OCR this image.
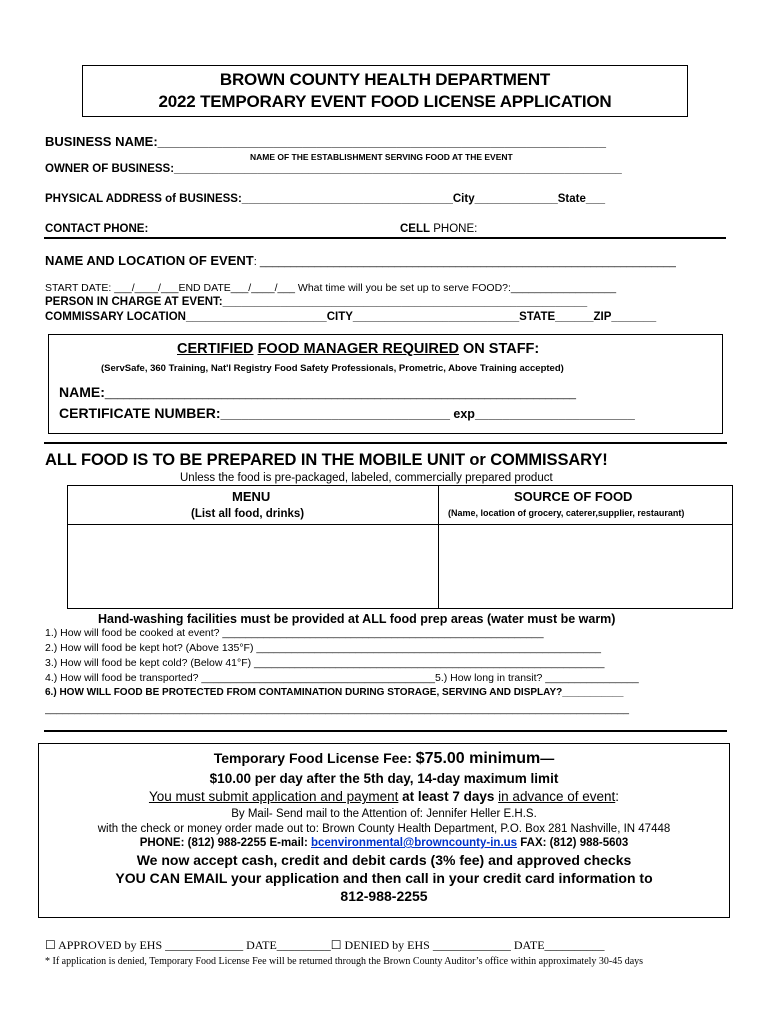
BROWN COUNTY HEALTH DEPARTMENT
2022 TEMPORARY EVENT FOOD LICENSE APPLICATION
BUSINESS NAME:______________________________________________________________
NAME OF THE ESTABLISHMENT SERVING FOOD AT THE EVENT
OWNER OF BUSINESS:______________________________________________________________________
PHYSICAL ADDRESS of BUSINESS:_________________________________City_____________State___
CONTACT PHONE:	CELL PHONE:
NAME AND LOCATION OF EVENT: ____________________________________________________________________
START DATE: ___/____/___END DATE___/____/___ What time will you be set up to serve FOOD?:__________________
PERSON IN CHARGE AT EVENT:_________________________________________________________
COMMISSARY LOCATION______________________CITY__________________________STATE______ZIP_______
CERTIFIED FOOD MANAGER REQUIRED ON STAFF:
(ServSafe, 360 Training, Nat'l Registry Food Safety Professionals, Prometric, Above Training accepted)
NAME:_____________________________________________________________________________
CERTIFICATE NUMBER:_________________________________ exp_______________________
ALL FOOD IS TO BE PREPARED IN THE MOBILE UNIT or COMMISSARY!
Unless the food is pre-packaged, labeled, commercially prepared product
MENU
(List all food, drinks)
SOURCE OF FOOD
(Name, location of grocery, caterer,supplier, restaurant)
Hand-washing facilities must be provided at ALL food prep areas (water must be warm)
1.) How will food be cooked at event? _______________________________________________________
2.) How will food be kept hot? (Above 135°F) ___________________________________________________________
3.) How will food be kept cold? (Below 41°F) ____________________________________________________________
4.) How will food be transported? ________________________________________5.) How long in transit? ________________
6.) HOW WILL FOOD BE PROTECTED FROM CONTAMINATION DURING STORAGE, SERVING AND DISPLAY?___________
____________________________________________________________________________________________________
Temporary Food License Fee: $75.00 minimum—
$10.00 per day after the 5th day, 14-day maximum limit
You must submit application and payment at least 7 days in advance of event:
By Mail- Send mail to the Attention of: Jennifer Heller E.H.S.
with the check or money order made out to: Brown County Health Department, P.O. Box 281 Nashville, IN 47448
PHONE: (812) 988-2255 E-mail: bcenvironmental@browncounty-in.us FAX: (812) 988-5603
We now accept cash, credit and debit cards (3% fee) and approved checks
YOU CAN EMAIL your application and then call in your credit card information to
812-988-2255
☐ APPROVED by EHS _____________ DATE_________☐ DENIED by EHS _____________ DATE__________
* If application is denied, Temporary Food License Fee will be returned through the Brown County Auditor’s office within approximately 30-45 days
